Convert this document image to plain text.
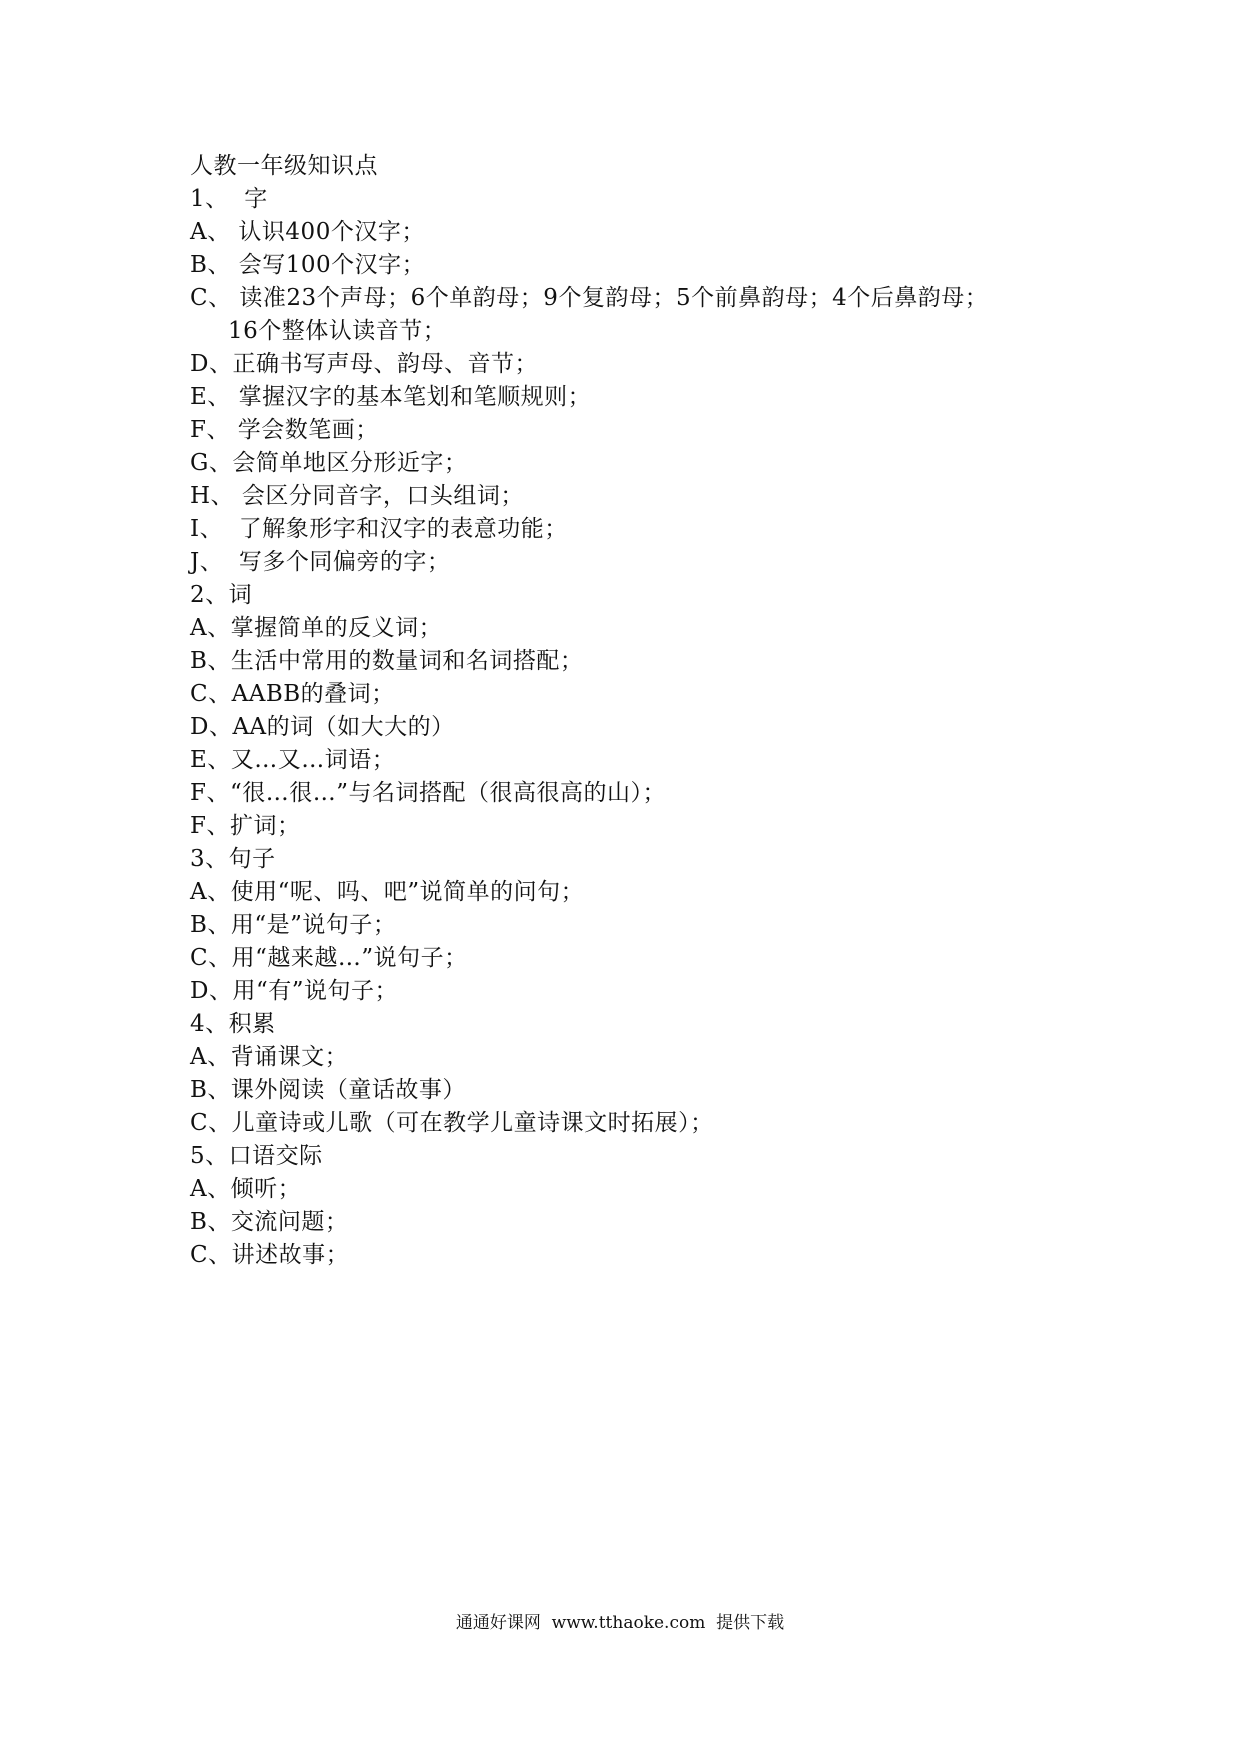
人教一年级知识点
1、  字
A、 认识400个汉字；
B、 会写100个汉字；
C、 读准23个声母；6个单韵母；9个复韵母；5个前鼻韵母；4个后鼻韵母；
16个整体认读音节；
D、正确书写声母、韵母、音节；
E、 掌握汉字的基本笔划和笔顺规则；
F、 学会数笔画；
G、会简单地区分形近字；
H、 会区分同音字，口头组词；
I、  了解象形字和汉字的表意功能；
J、  写多个同偏旁的字；
2、词
A、掌握简单的反义词；
B、生活中常用的数量词和名词搭配；
C、AABB的叠词；
D、AA的词（如大大的）
E、又…又…词语；
F、“很…很…”与名词搭配（很高很高的山）；
F、扩词；
3、句子
A、使用“呢、吗、吧”说简单的问句；
B、用“是”说句子；
C、用“越来越…”说句子；
D、用“有”说句子；
4、积累
A、背诵课文；
B、课外阅读（童话故事）
C、儿童诗或儿歌（可在教学儿童诗课文时拓展）；
5、口语交际
A、倾听；
B、交流问题；
C、讲述故事；
通通好课网  www.tthaoke.com  提供下载
